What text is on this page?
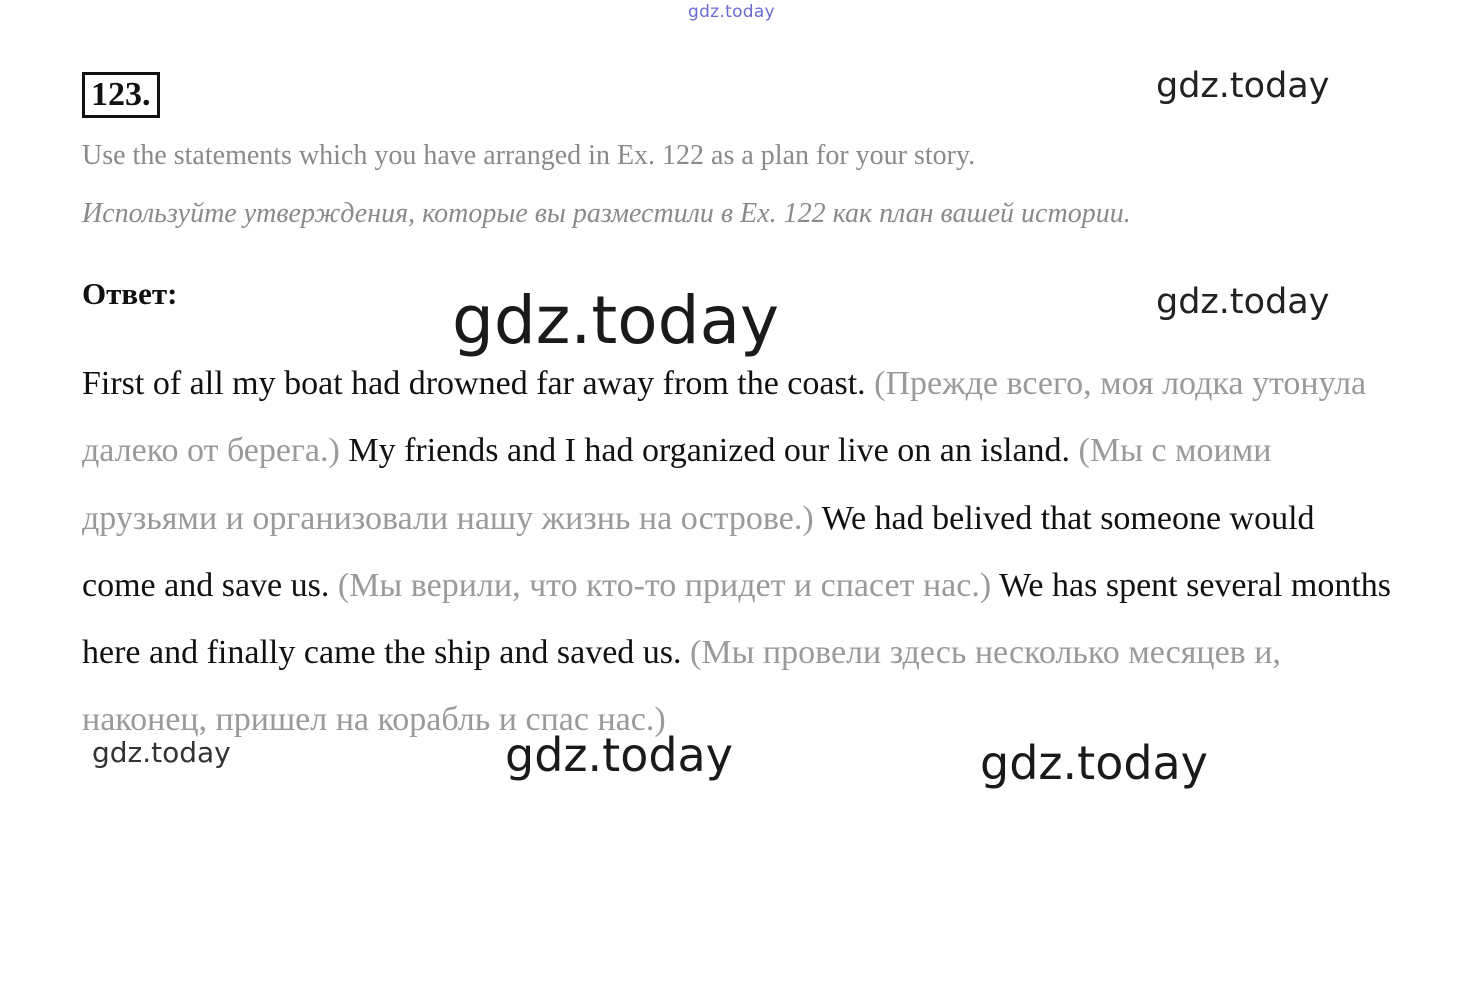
gdz.today
gdz.today
gdz.today
123.
Use the statements which you have arranged in Ex. 122 as a plan for your story.
Используйте утверждения, которые вы разместили в Ex. 122 как план вашей истории.
Ответ:
First of all my boat had drowned far away from the coast. (Прежде всего, моя лодка утонула далеко от берега.) My friends and I had organized our live on an island. (Мы с моими друзьями и организовали нашу жизнь на острове.) We had belived that someone would come and save us. (Мы верили, что кто-то придет и спасет нас.) We has spent several months here and finally came the ship and saved us. (Мы провели здесь несколько месяцев и, наконец, пришел на корабль и спас нас.)
gdz.today
gdz.today	gdz.today	gdz.today
